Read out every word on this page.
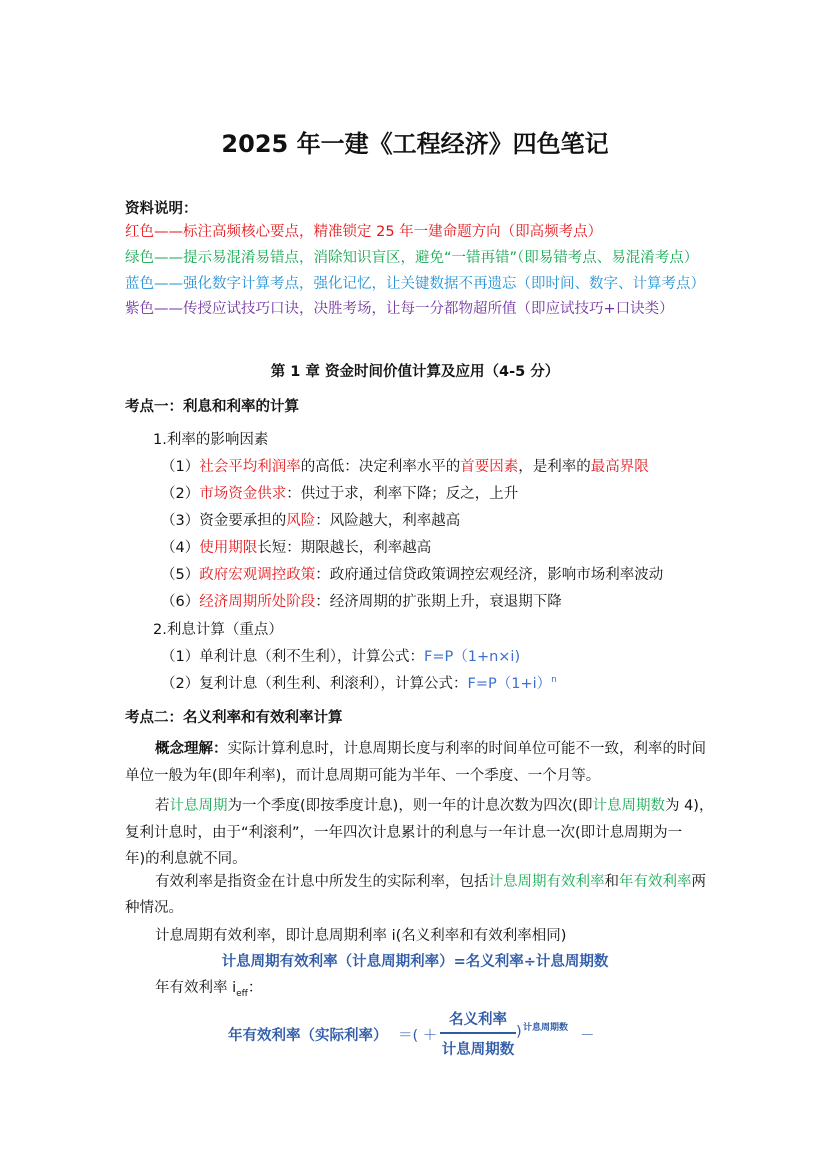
2025 年一建《工程经济》四色笔记
资料说明：
红色——标注高频核心要点，精准锁定 25 年一建命题方向（即高频考点）
绿色——提示易混淆易错点，消除知识盲区，避免“一错再错”（即易错考点、易混淆考点）
蓝色——强化数字计算考点，强化记忆，让关键数据不再遗忘（即时间、数字、计算考点）
紫色——传授应试技巧口诀，决胜考场，让每一分都物超所值（即应试技巧+口诀类）
第 1 章 资金时间价值计算及应用（4-5 分）
考点一：利息和利率的计算
1.利率的影响因素
（1）社会平均利润率的高低：决定利率水平的首要因素，是利率的最高界限
（2）市场资金供求：供过于求，利率下降；反之，上升
（3）资金要承担的风险：风险越大，利率越高
（4）使用期限长短：期限越长，利率越高
（5）政府宏观调控政策：政府通过信贷政策调控宏观经济，影响市场利率波动
（6）经济周期所处阶段：经济周期的扩张期上升，衰退期下降
2.利息计算（重点）
（1）单利计息（利不生利），计算公式：F=P（1+n×i)
（2）复利计息（利生利、利滚利），计算公式：$F=P(1+i)^n$
考点二：名义利率和有效利率计算
概念理解：实际计算利息时，计息周期长度与利率的时间单位可能不一致，利率的时间
单位一般为年(即年利率)，而计息周期可能为半年、一个季度、一个月等。
若计息周期为一个季度(即按季度计息)，则一年的计息次数为四次(即计息周期数为 4)，
复利计息时，由于“利滚利”，一年四次计息累计的利息与一年计息一次(即计息周期为一
年)的利息就不同。
有效利率是指资金在计息中所发生的实际利率，包括计息周期有效利率和年有效利率两
种情况。
计息周期有效利率，即计息周期利率 i(名义利率和有效利率相同)
计息周期有效利率（计息周期利率）=名义利率÷计息周期数
年有效利率 $i_{eff}$：
年有效利率（实际利率） ＝( ＋
名义利率
计息周期数
) 计息周期数 －
